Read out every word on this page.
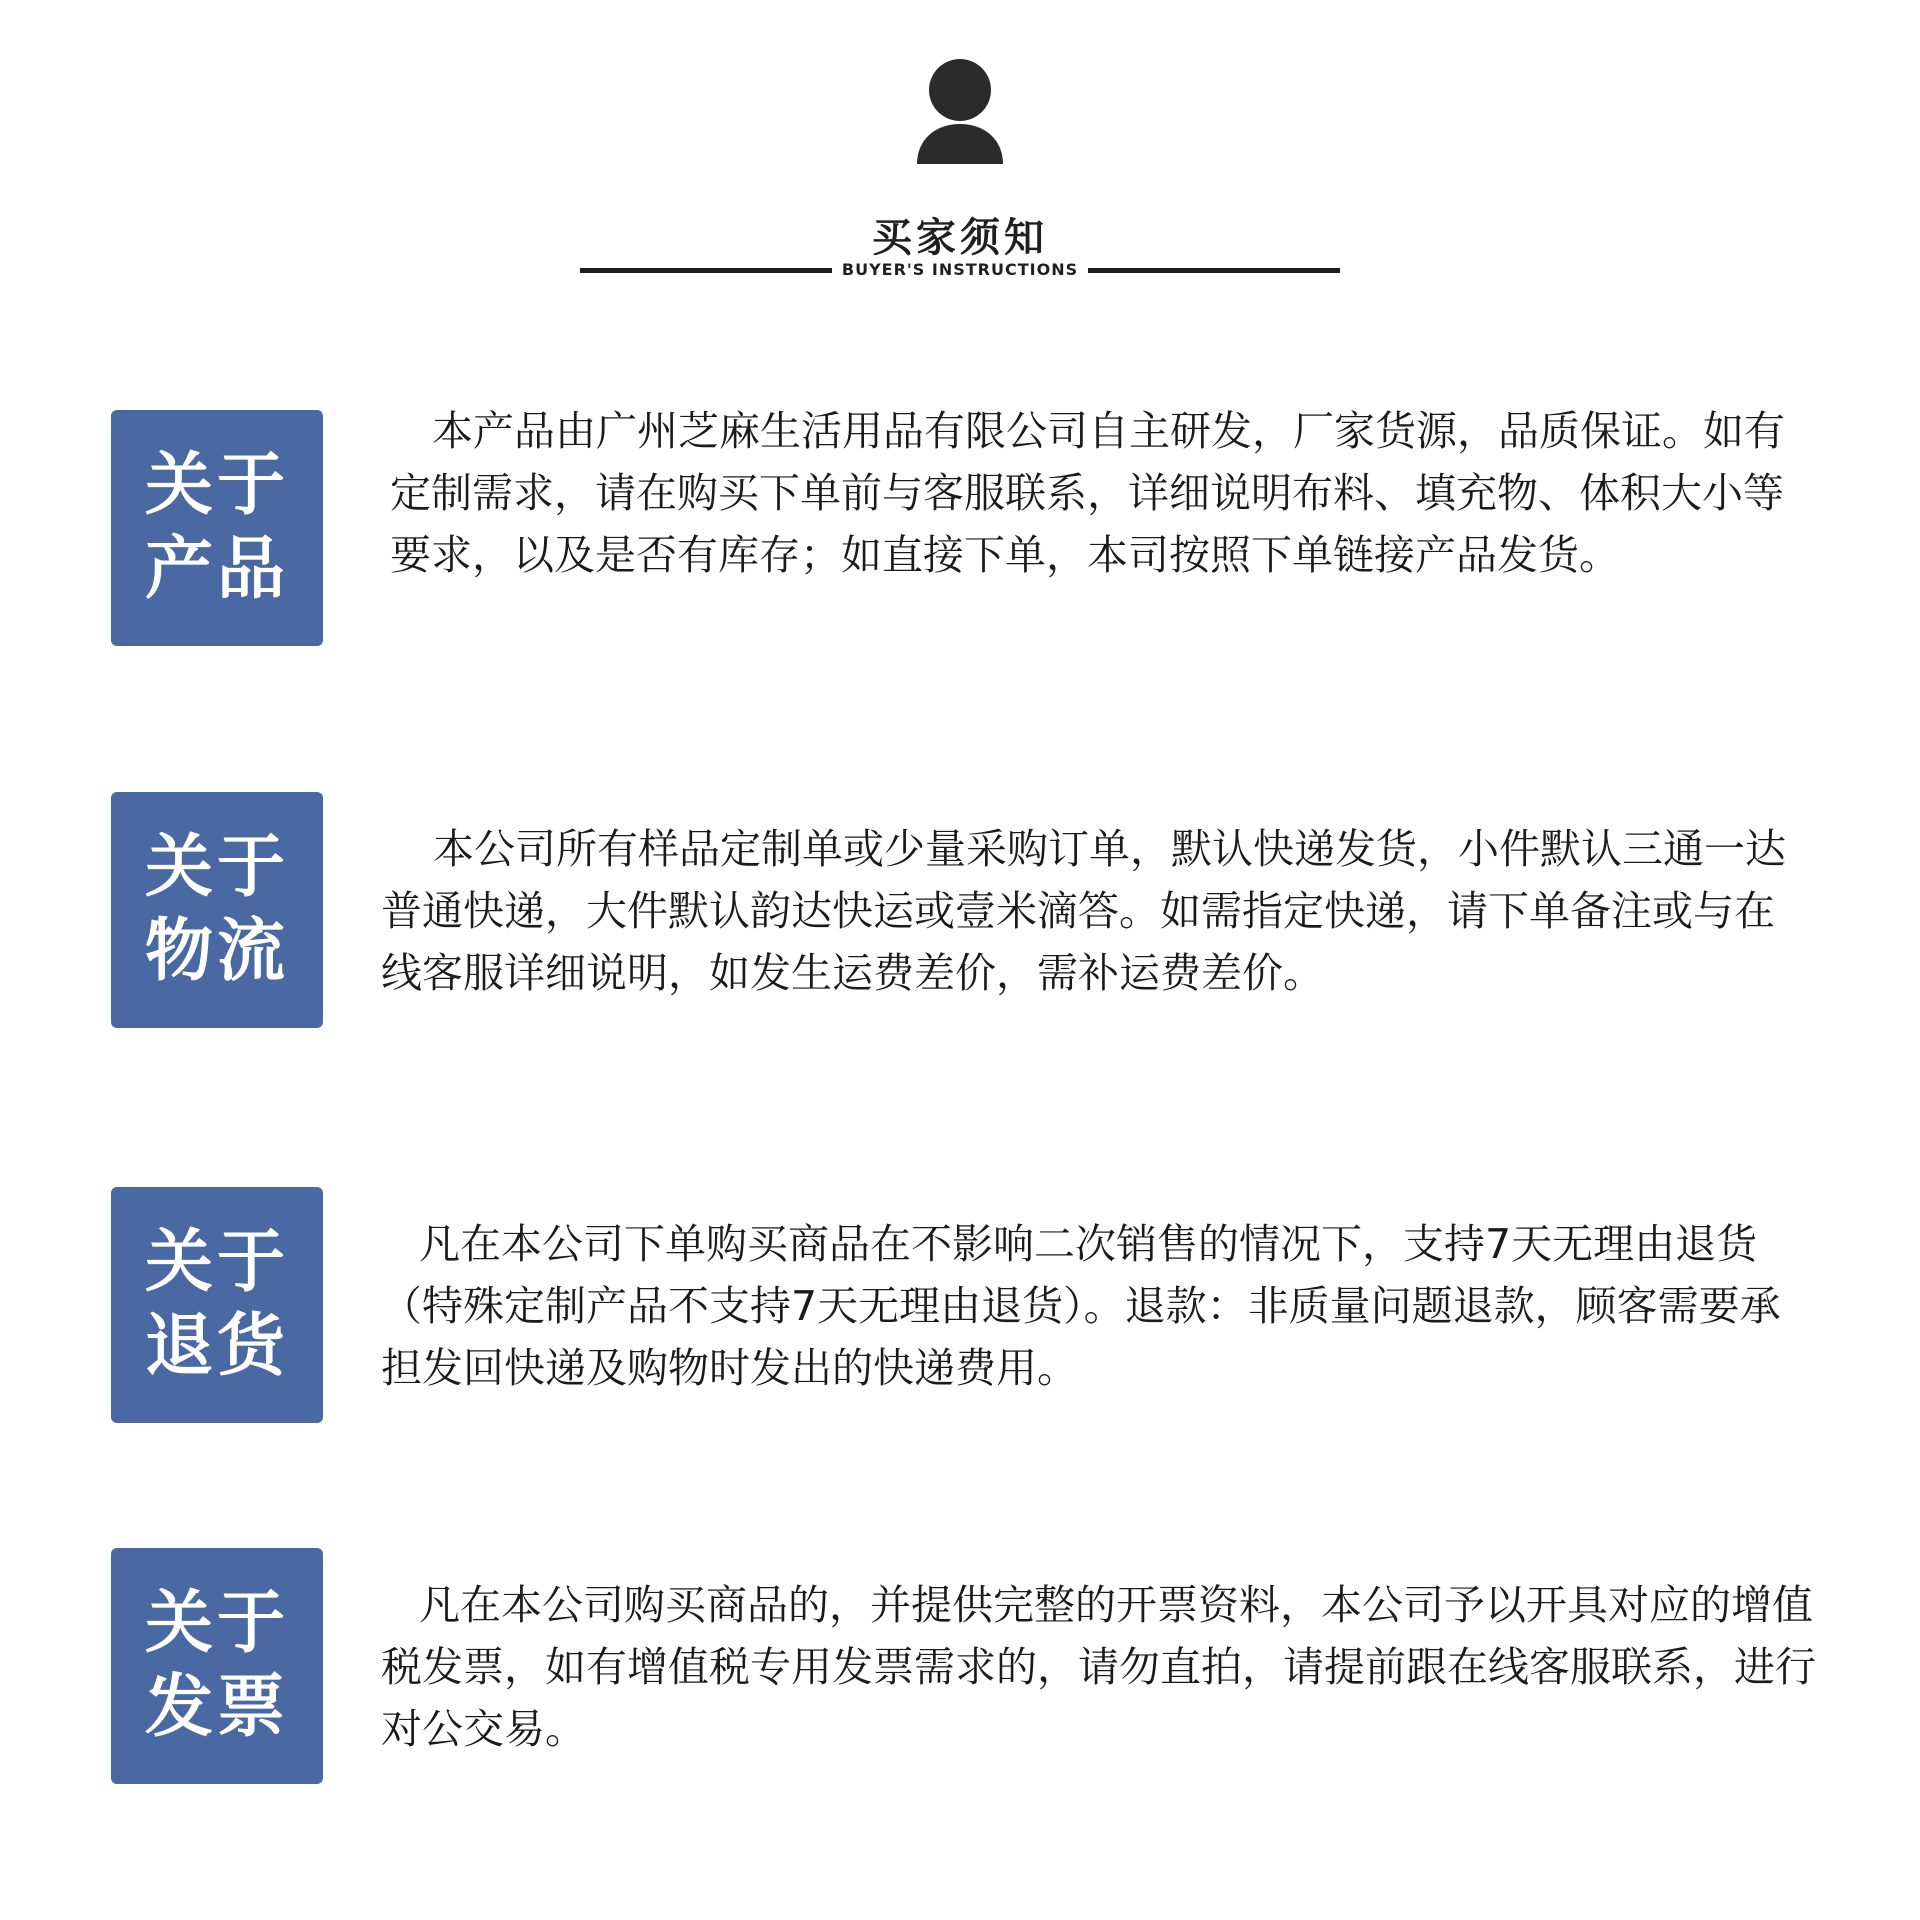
买家须知
BUYER'S INSTRUCTIONS
关于
产品

本产品由广州芝麻生活用品有限公司自主研发，厂家货源，品质保证。如有定制需求，请在购买下单前与客服联系，详细说明布料、填充物、体积大小等要求，以及是否有库存；如直接下单，本司按照下单链接产品发货。

关于
物流

本公司所有样品定制单或少量采购订单，默认快递发货，小件默认三通一达普通快递，大件默认韵达快运或壹米滴答。如需指定快递，请下单备注或与在线客服详细说明，如发生运费差价，需补运费差价。

关于
退货

凡在本公司下单购买商品在不影响二次销售的情况下，支持7天无理由退货（特殊定制产品不支持7天无理由退货）。退款：非质量问题退款，顾客需要承担发回快递及购物时发出的快递费用。

关于
发票

凡在本公司购买商品的，并提供完整的开票资料，本公司予以开具对应的增值税发票，如有增值税专用发票需求的，请勿直拍，请提前跟在线客服联系，进行对公交易。
